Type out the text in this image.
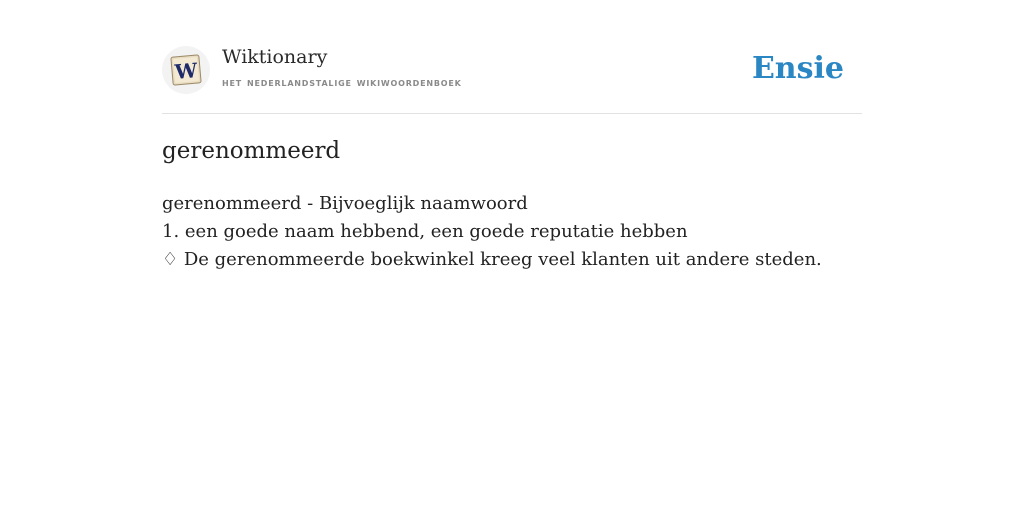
W
Wiktionary
het nederlandstalige wikiwoordenboek	Ensie
gerenommeerd
gerenommeerd - Bijvoeglijk naamwoord
1. een goede naam hebbend, een goede reputatie hebben
♢ De gerenommeerde boekwinkel kreeg veel klanten uit andere steden.
